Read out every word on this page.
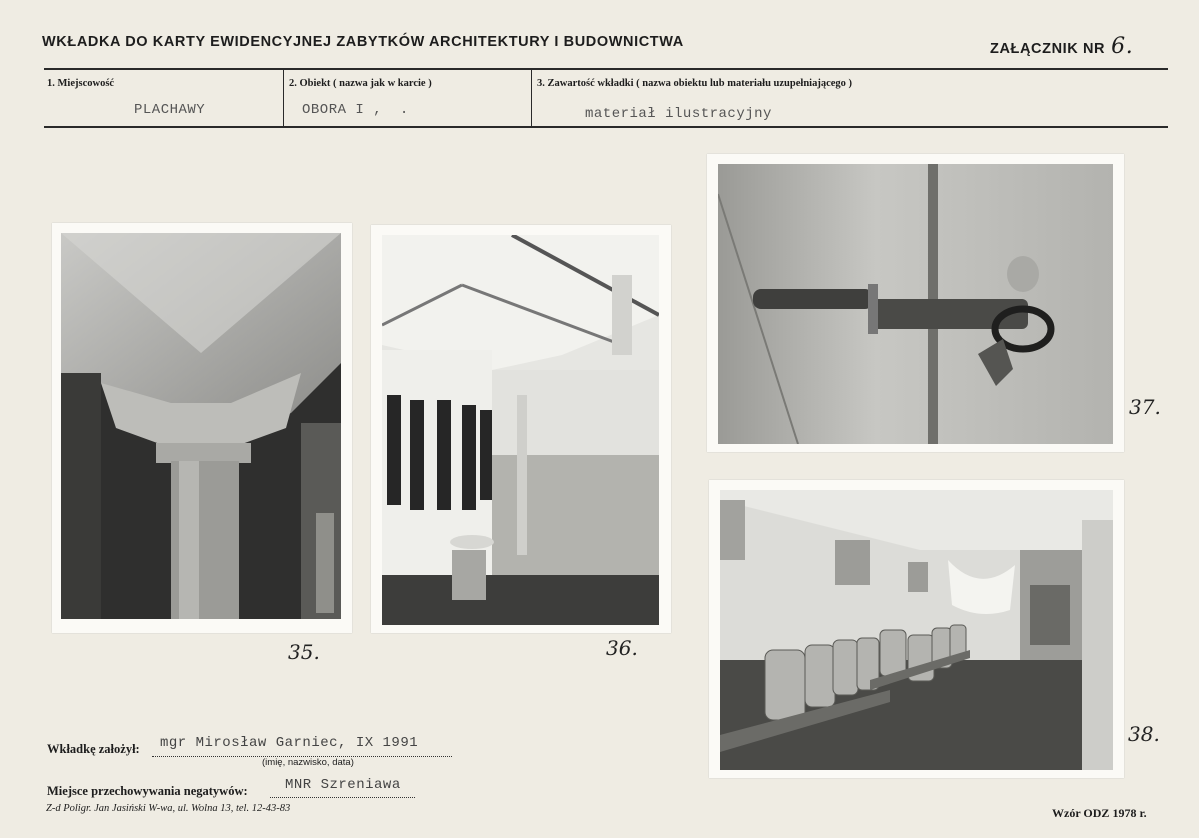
WKŁADKA DO KARTY EWIDENCYJNEJ ZABYTKÓW ARCHITEKTURY I BUDOWNICTWA	ZAŁĄCZNIK NR 6.
1. Miejscowość	2. Obiekt ( nazwa jak w karcie )	3. Zawartość wkładki ( nazwa obiektu lub materiału uzupełniającego )
PLACHAWY	OBORA I ,  .	materiał ilustracyjny
35.	36.
37.
38.
Wkładkę założył: mgr Mirosław Garniec, IX 1991
(imię, nazwisko, data)
Miejsce przechowywania negatywów:	MNR Szreniawa
Z-d Poligr. Jan Jasiński W-wa, ul. Wolna 13, tel. 12-43-83	Wzór ODZ 1978 r.
